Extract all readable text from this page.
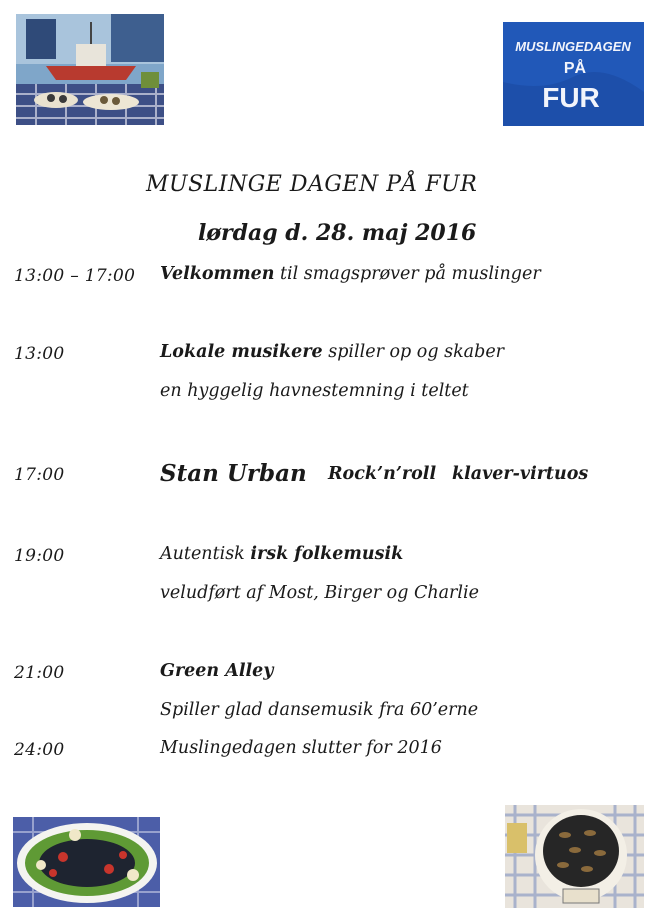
MUSLINGEDAGEN
PÅ
FUR
MUSLINGE DAGEN PÅ FUR
lørdag d. 28. maj 2016
13:00 – 17:00 Velkommen til smagsprøver på muslinger
13:00	Lokale musikere spiller op og skaber
en hyggelig havnestemning i teltet
17:00	Stan Urban Rock’n’roll klaver-virtuos
19:00	Autentisk irsk folkemusik
veludført af Most, Birger og Charlie
21:00	Green Alley
Spiller glad dansemusik fra 60’erne
24:00	Muslingedagen slutter for 2016
